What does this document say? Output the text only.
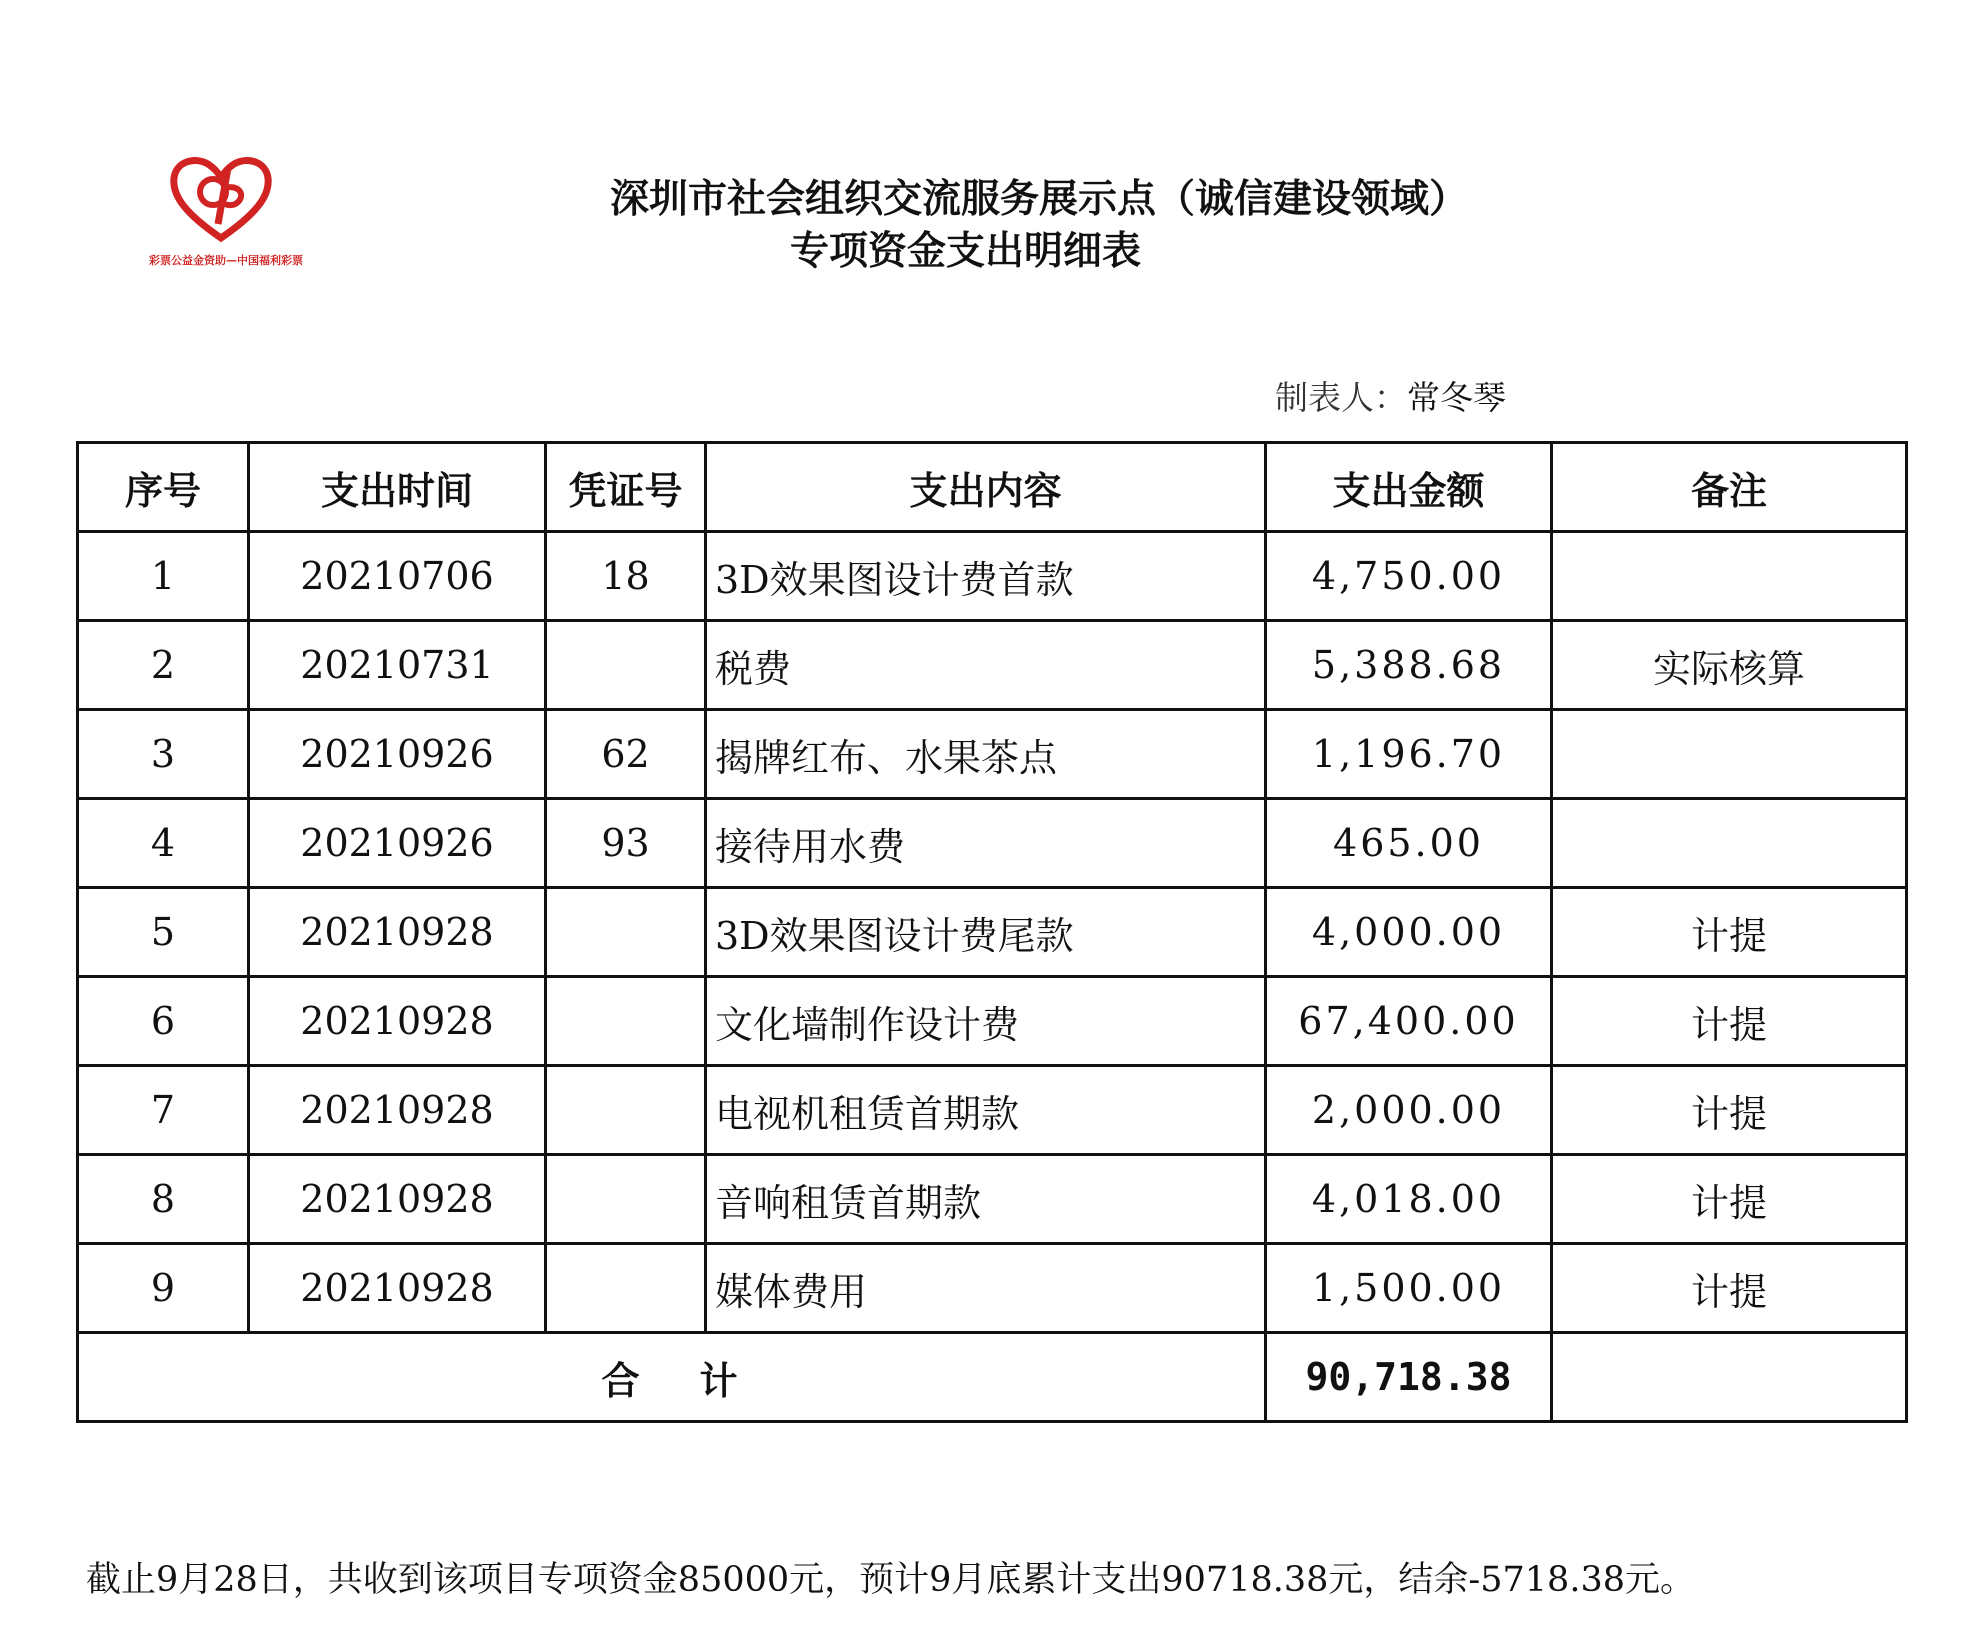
彩票公益金资助—中国福利彩票
深圳市社会组织交流服务展示点（诚信建设领域）
专项资金支出明细表
制表人：常冬琴
序号	支出时间	凭证号	支出内容	支出金额	备注
1	20210706	18	3D效果图设计费首款	4,750.00	
2	20210731		税费	5,388.68	实际核算
3	20210926	62	揭牌红布、水果茶点	1,196.70	
4	20210926	93	接待用水费	465.00	
5	20210928		3D效果图设计费尾款	4,000.00	计提
6	20210928		文化墙制作设计费	67,400.00	计提
7	20210928		电视机租赁首期款	2,000.00	计提
8	20210928		音响租赁首期款	4,018.00	计提
9	20210928		媒体费用	1,500.00	计提
合 计				90,718.38	
截止9月28日，共收到该项目专项资金85000元，预计9月底累计支出90718.38元，结余-5718.38元。
